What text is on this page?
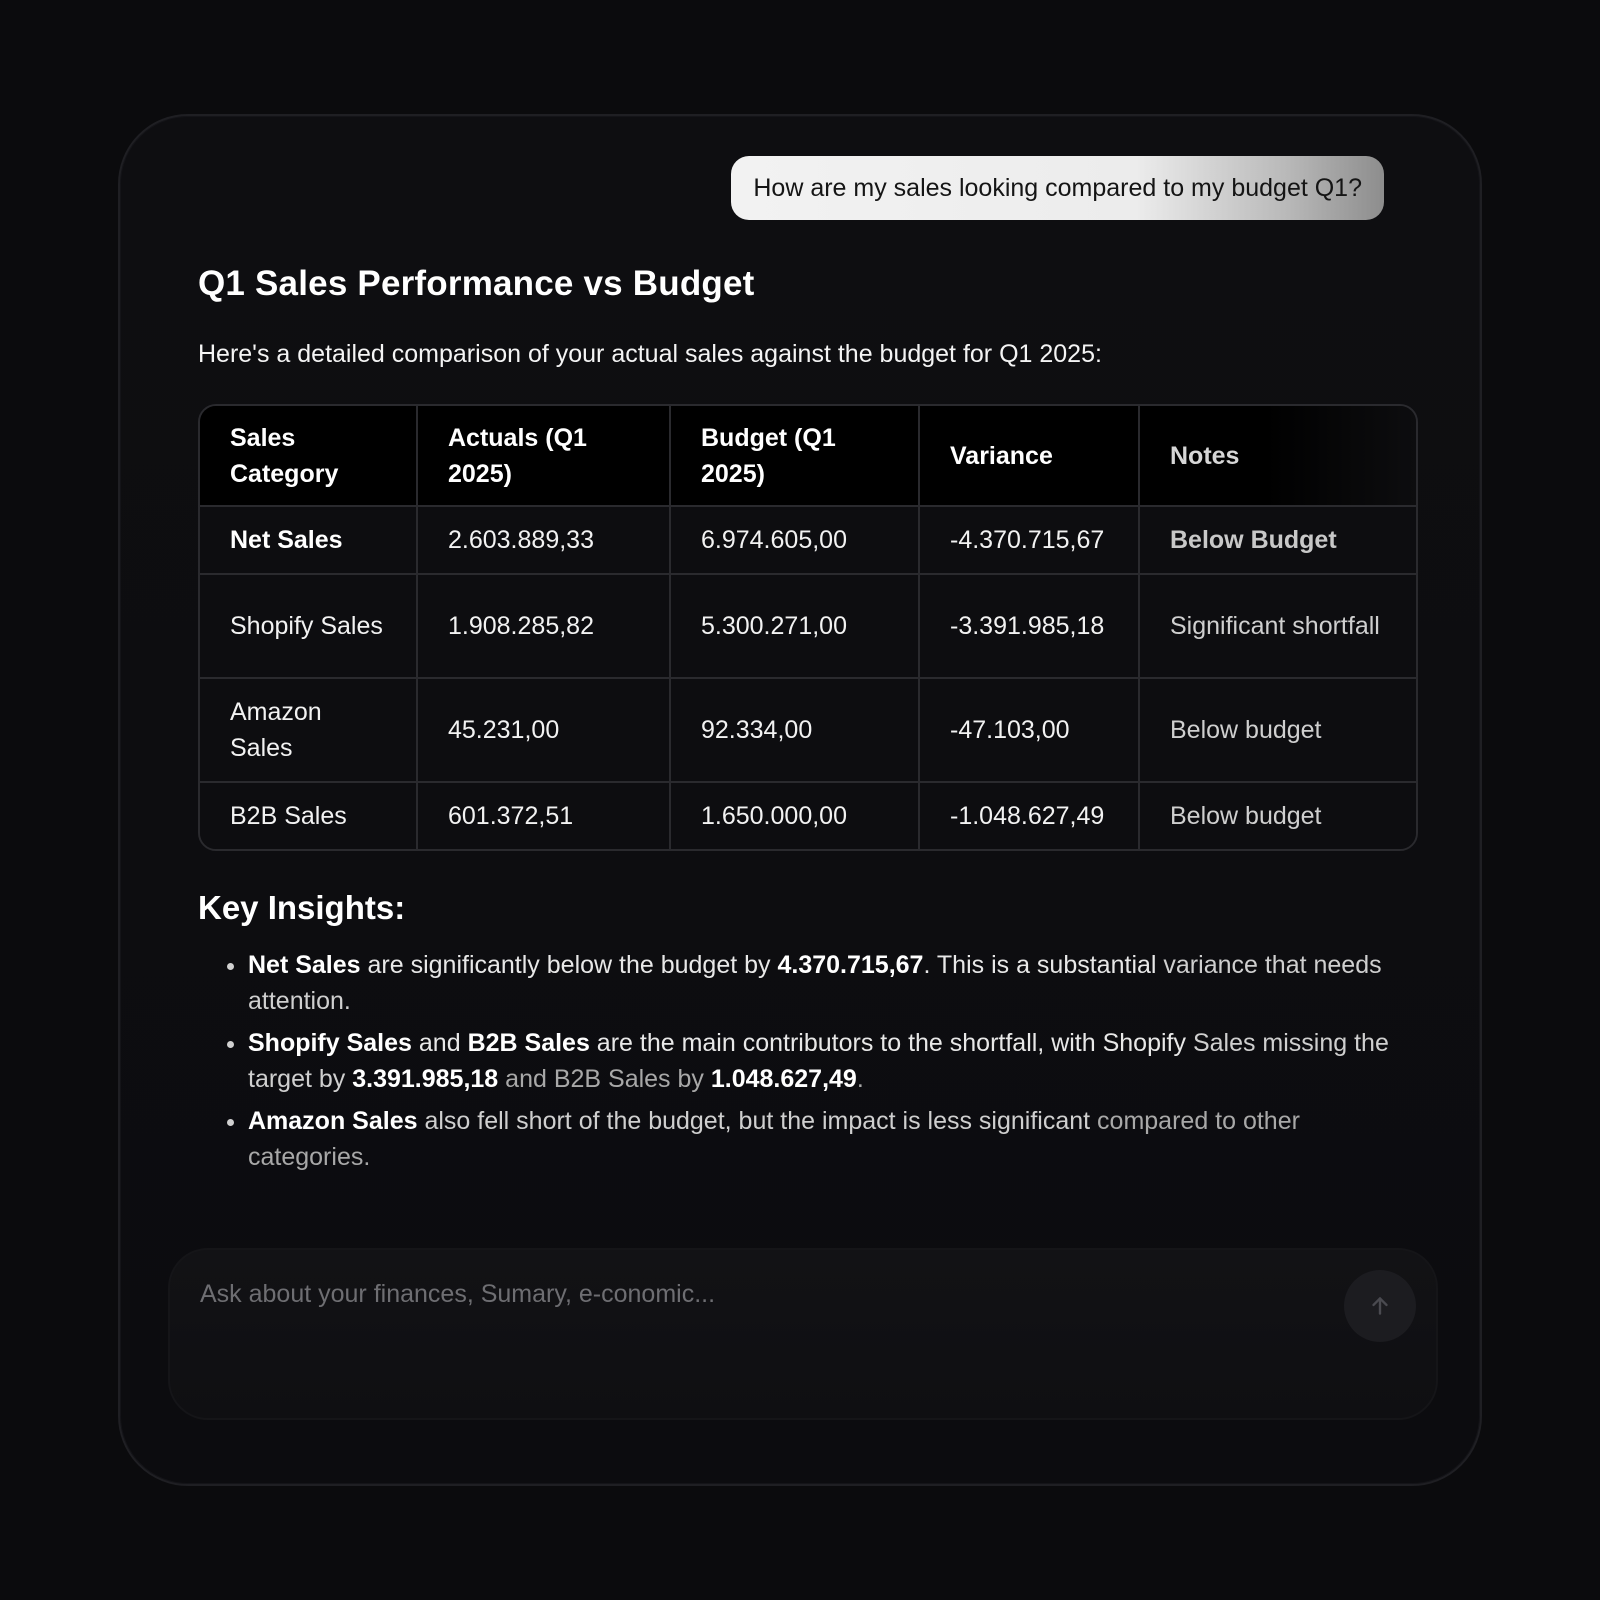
How are my sales looking compared to my budget Q1?
Q1 Sales Performance vs Budget

Here's a detailed comparison of your actual sales against the budget for Q1 2025:

Sales Category	Actuals (Q1 2025)	Budget (Q1 2025)	Variance	Notes
Net Sales	2.603.889,33	6.974.605,00	-4.370.715,67	Below Budget
Shopify Sales	1.908.285,82	5.300.271,00	-3.391.985,18	Significant shortfall
Amazon Sales	45.231,00	92.334,00	-47.103,00	Below budget
B2B Sales	601.372,51	1.650.000,00	-1.048.627,49	Below budget
Key Insights:
• Net Sales are significantly below the budget by 4.370.715,67. This is a substantial variance that needs attention.
• Shopify Sales and B2B Sales are the main contributors to the shortfall, with Shopify Sales missing the target by 3.391.985,18 and B2B Sales by 1.048.627,49.
• Amazon Sales also fell short of the budget, but the impact is less significant compared to other categories.
Ask about your finances, Sumary, e-conomic...
